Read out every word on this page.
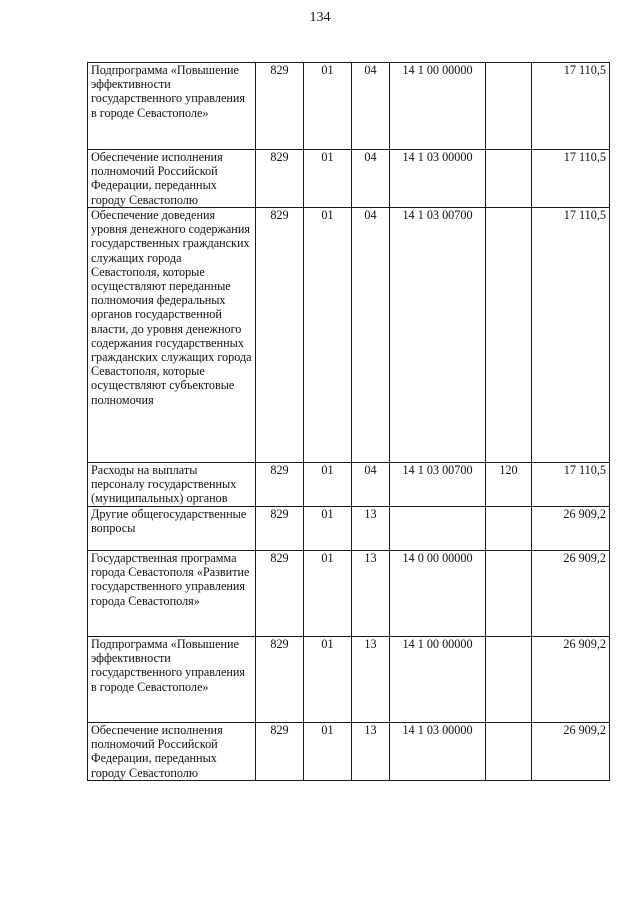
134
Подпрограмма «Повышение эффективности государственного управления в городе Севастополе»	829	01	04	14 1 00 00000		17 110,5
Обеспечение исполнения полномочий Российской Федерации, переданных городу Севастополю	829	01	04	14 1 03 00000		17 110,5
Обеспечение доведения уровня денежного содержания государственных гражданских служащих города Севастополя, которые осуществляют переданные полномочия федеральных органов государственной власти, до уровня денежного содержания государственных гражданских служащих города Севастополя, которые осуществляют субъектовые полномочия	829	01	04	14 1 03 00700		17 110,5
Расходы на выплаты персоналу государственных (муниципальных) органов	829	01	04	14 1 03 00700	120	17 110,5
Другие общегосударственные вопросы	829	01	13			26 909,2
Государственная программа города Севастополя «Развитие государственного управления города Севастополя»	829	01	13	14 0 00 00000		26 909,2
Подпрограмма «Повышение эффективности государственного управления в городе Севастополе»	829	01	13	14 1 00 00000		26 909,2
Обеспечение исполнения полномочий Российской Федерации, переданных городу Севастополю	829	01	13	14 1 03 00000		26 909,2
